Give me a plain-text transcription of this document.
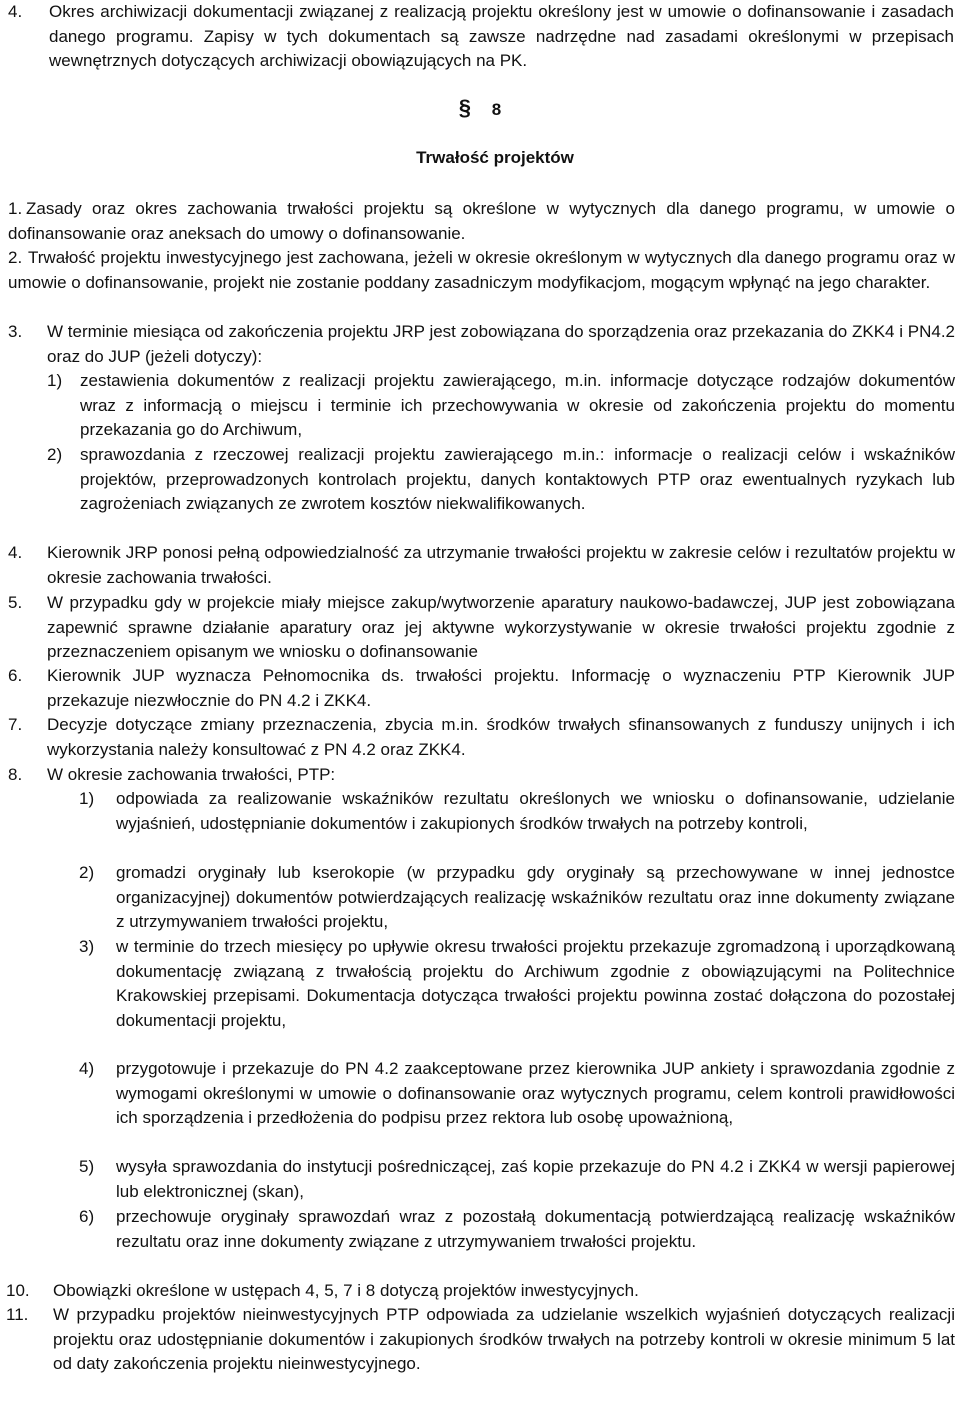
4. Okres archiwizacji dokumentacji związanej z realizacją projektu określony jest w umowie o dofinansowanie i zasadach danego programu. Zapisy w tych dokumentach są zawsze nadrzędne nad zasadami określonymi w przepisach wewnętrznych dotyczących archiwizacji obowiązujących na PK.
§ 8
Trwałość projektów
1. Zasady oraz okres zachowania trwałości projektu są określone w wytycznych dla danego programu, w umowie o dofinansowanie oraz aneksach do umowy o dofinansowanie.
2. Trwałość projektu inwestycyjnego jest zachowana, jeżeli w okresie określonym w wytycznych dla danego programu oraz w umowie o dofinansowanie, projekt nie zostanie poddany zasadniczym modyfikacjom, mogącym wpłynąć na jego charakter.
3. W terminie miesiąca od zakończenia projektu JRP jest zobowiązana do sporządzenia oraz przekazania do ZKK4 i PN4.2 oraz do JUP (jeżeli dotyczy):
1) zestawienia dokumentów z realizacji projektu zawierającego, m.in. informacje dotyczące rodzajów dokumentów wraz z informacją o miejscu i terminie ich przechowywania w okresie od zakończenia projektu do momentu przekazania go do Archiwum,
2) sprawozdania z rzeczowej realizacji projektu zawierającego m.in.: informacje o realizacji celów i wskaźników projektów, przeprowadzonych kontrolach projektu, danych kontaktowych PTP oraz ewentualnych ryzykach lub zagrożeniach związanych ze zwrotem kosztów niekwalifikowanych.
4. Kierownik JRP ponosi pełną odpowiedzialność za utrzymanie trwałości projektu w zakresie celów i rezultatów projektu w okresie zachowania trwałości.
5. W przypadku gdy w projekcie miały miejsce zakup/wytworzenie aparatury naukowo-badawczej, JUP jest zobowiązana zapewnić sprawne działanie aparatury oraz jej aktywne wykorzystywanie w okresie trwałości projektu zgodnie z przeznaczeniem opisanym we wniosku o dofinansowanie
6. Kierownik JUP wyznacza Pełnomocnika ds. trwałości projektu. Informację o wyznaczeniu PTP Kierownik JUP przekazuje niezwłocznie do PN 4.2 i ZKK4.
7. Decyzje dotyczące zmiany przeznaczenia, zbycia m.in. środków trwałych sfinansowanych z funduszy unijnych i ich wykorzystania należy konsultować z PN 4.2 oraz ZKK4.
8. W okresie zachowania trwałości, PTP:
1) odpowiada za realizowanie wskaźników rezultatu określonych we wniosku o dofinansowanie, udzielanie wyjaśnień, udostępnianie dokumentów i zakupionych środków trwałych na potrzeby kontroli,
2) gromadzi oryginały lub kserokopie (w przypadku gdy oryginały są przechowywane w innej jednostce organizacyjnej) dokumentów potwierdzających realizację wskaźników rezultatu oraz inne dokumenty związane z utrzymywaniem trwałości projektu,
3) w terminie do trzech miesięcy po upływie okresu trwałości projektu przekazuje zgromadzoną i uporządkowaną dokumentację związaną z trwałością projektu do Archiwum zgodnie z obowiązującymi na Politechnice Krakowskiej przepisami. Dokumentacja dotycząca trwałości projektu powinna zostać dołączona do pozostałej dokumentacji projektu,
4) przygotowuje i przekazuje do PN 4.2 zaakceptowane przez kierownika JUP ankiety i sprawozdania zgodnie z wymogami określonymi w umowie o dofinansowanie oraz wytycznych programu, celem kontroli prawidłowości ich sporządzenia i przedłożenia do podpisu przez rektora lub osobę upoważnioną,
5) wysyła sprawozdania do instytucji pośredniczącej, zaś kopie przekazuje do PN 4.2 i ZKK4 w wersji papierowej lub elektronicznej (skan),
6) przechowuje oryginały sprawozdań wraz z pozostałą dokumentacją potwierdzającą realizację wskaźników rezultatu oraz inne dokumenty związane z utrzymywaniem trwałości projektu.
10. Obowiązki określone w ustępach 4, 5, 7 i 8 dotyczą projektów inwestycyjnych.
11. W przypadku projektów nieinwestycyjnych PTP odpowiada za udzielanie wszelkich wyjaśnień dotyczących realizacji projektu oraz udostępnianie dokumentów i zakupionych środków trwałych na potrzeby kontroli w okresie minimum 5 lat od daty zakończenia projektu nieinwestycyjnego.
